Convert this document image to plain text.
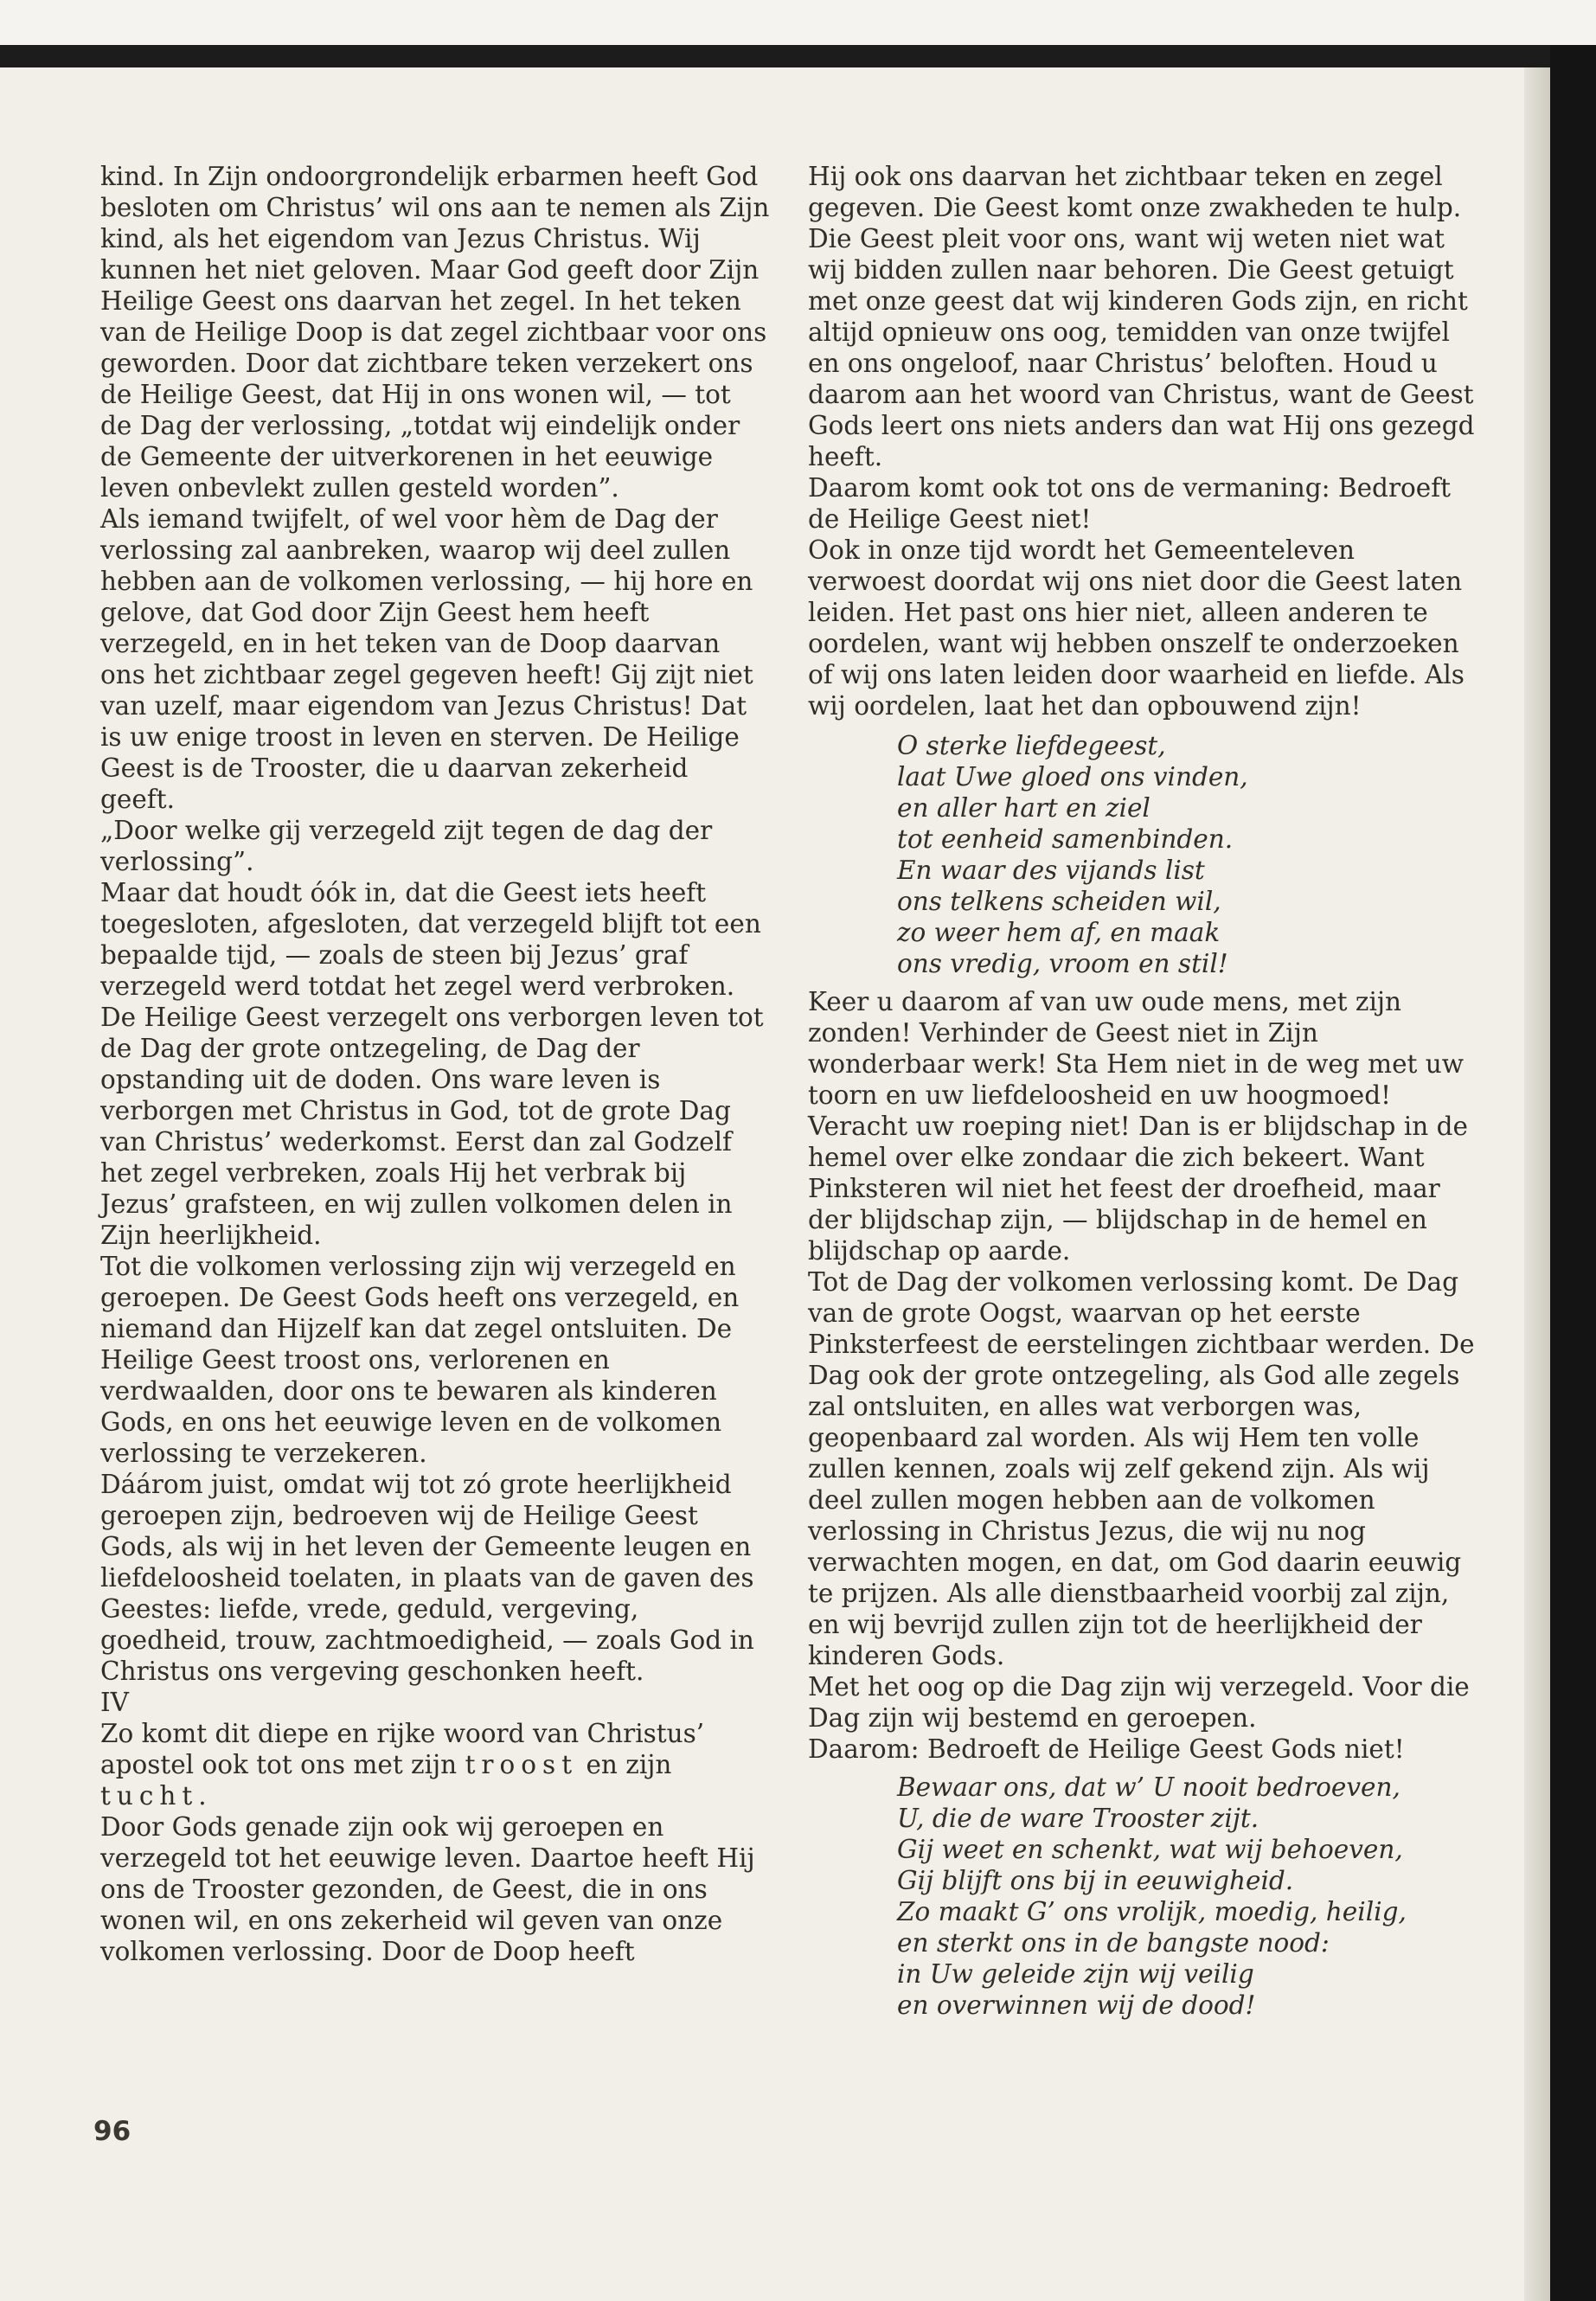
kind. In Zijn ondoorgrondelijk erbarmen heeft God besloten om Christus’ wil ons aan te nemen als Zijn kind, als het eigendom van Jezus Christus. Wij kunnen het niet geloven. Maar God geeft door Zijn Heilige Geest ons daarvan het zegel. In het teken van de Heilige Doop is dat zegel zichtbaar voor ons geworden. Door dat zichtbare teken verzekert ons de Heilige Geest, dat Hij in ons wonen wil, — tot de Dag der verlossing, „totdat wij eindelijk onder de Gemeente der uitverkorenen in het eeuwige leven onbevlekt zullen gesteld worden”.

Als iemand twijfelt, of wel voor hèm de Dag der verlossing zal aanbreken, waarop wij deel zullen hebben aan de volkomen verlossing, — hij hore en gelove, dat God door Zijn Geest hem heeft verzegeld, en in het teken van de Doop daarvan ons het zichtbaar zegel gegeven heeft! Gij zijt niet van uzelf, maar eigendom van Jezus Christus! Dat is uw enige troost in leven en sterven. De Heilige Geest is de Trooster, die u daarvan zekerheid geeft.

„Door welke gij verzegeld zijt tegen de dag der verlossing”.

Maar dat houdt óók in, dat die Geest iets heeft toegesloten, afgesloten, dat verzegeld blijft tot een bepaalde tijd, — zoals de steen bij Jezus’ graf verzegeld werd totdat het zegel werd verbroken. De Heilige Geest verzegelt ons verborgen leven tot de Dag der grote ontzegeling, de Dag der opstanding uit de doden. Ons ware leven is verborgen met Christus in God, tot de grote Dag van Christus’ wederkomst. Eerst dan zal Godzelf het zegel verbreken, zoals Hij het verbrak bij Jezus’ grafsteen, en wij zullen volkomen delen in Zijn heerlijkheid.

Tot die volkomen verlossing zijn wij verzegeld en geroepen. De Geest Gods heeft ons verzegeld, en niemand dan Hijzelf kan dat zegel ontsluiten. De Heilige Geest troost ons, verlorenen en verdwaalden, door ons te bewaren als kinderen Gods, en ons het eeuwige leven en de volkomen verlossing te verzekeren.

Dáárom juist, omdat wij tot zó grote heerlijkheid geroepen zijn, bedroeven wij de Heilige Geest Gods, als wij in het leven der Gemeente leugen en liefdeloosheid toelaten, in plaats van de gaven des Geestes: liefde, vrede, geduld, vergeving, goedheid, trouw, zachtmoedigheid, — zoals God in Christus ons vergeving geschonken heeft.

IV

Zo komt dit diepe en rijke woord van Christus’ apostel ook tot ons met zijn troost en zijn tucht.

Door Gods genade zijn ook wij geroepen en verzegeld tot het eeuwige leven. Daartoe heeft Hij ons de Trooster gezonden, de Geest, die in ons wonen wil, en ons zekerheid wil geven van onze volkomen verlossing. Door de Doop heeft

96

Hij ook ons daarvan het zichtbaar teken en zegel gegeven. Die Geest komt onze zwakheden te hulp. Die Geest pleit voor ons, want wij weten niet wat wij bidden zullen naar behoren. Die Geest getuigt met onze geest dat wij kinderen Gods zijn, en richt altijd opnieuw ons oog, temidden van onze twijfel en ons ongeloof, naar Christus’ beloften. Houd u daarom aan het woord van Christus, want de Geest Gods leert ons niets anders dan wat Hij ons gezegd heeft.

Daarom komt ook tot ons de vermaning: Bedroeft de Heilige Geest niet!

Ook in onze tijd wordt het Gemeenteleven verwoest doordat wij ons niet door die Geest laten leiden. Het past ons hier niet, alleen anderen te oordelen, want wij hebben onszelf te onderzoeken of wij ons laten leiden door waarheid en liefde. Als wij oordelen, laat het dan opbouwend zijn!

O sterke liefdegeest,
laat Uwe gloed ons vinden,
en aller hart en ziel
tot eenheid samenbinden.
En waar des vijands list
ons telkens scheiden wil,
zo weer hem af, en maak
ons vredig, vroom en stil!

Keer u daarom af van uw oude mens, met zijn zonden! Verhinder de Geest niet in Zijn wonderbaar werk! Sta Hem niet in de weg met uw toorn en uw liefdeloosheid en uw hoogmoed! Veracht uw roeping niet! Dan is er blijdschap in de hemel over elke zondaar die zich bekeert. Want Pinksteren wil niet het feest der droefheid, maar der blijdschap zijn, — blijdschap in de hemel en blijdschap op aarde.

Tot de Dag der volkomen verlossing komt. De Dag van de grote Oogst, waarvan op het eerste Pinksterfeest de eerstelingen zichtbaar werden. De Dag ook der grote ontzegeling, als God alle zegels zal ontsluiten, en alles wat verborgen was, geopenbaard zal worden. Als wij Hem ten volle zullen kennen, zoals wij zelf gekend zijn. Als wij deel zullen mogen hebben aan de volkomen verlossing in Christus Jezus, die wij nu nog verwachten mogen, en dat, om God daarin eeuwig te prijzen. Als alle dienstbaarheid voorbij zal zijn, en wij bevrijd zullen zijn tot de heerlijkheid der kinderen Gods.

Met het oog op die Dag zijn wij verzegeld. Voor die Dag zijn wij bestemd en geroepen.

Daarom: Bedroeft de Heilige Geest Gods niet!

Bewaar ons, dat w’ U nooit bedroeven,
U, die de ware Trooster zijt.
Gij weet en schenkt, wat wij behoeven,
Gij blijft ons bij in eeuwigheid.
Zo maakt G’ ons vrolijk, moedig, heilig,
en sterkt ons in de bangste nood:
in Uw geleide zijn wij veilig
en overwinnen wij de dood!
